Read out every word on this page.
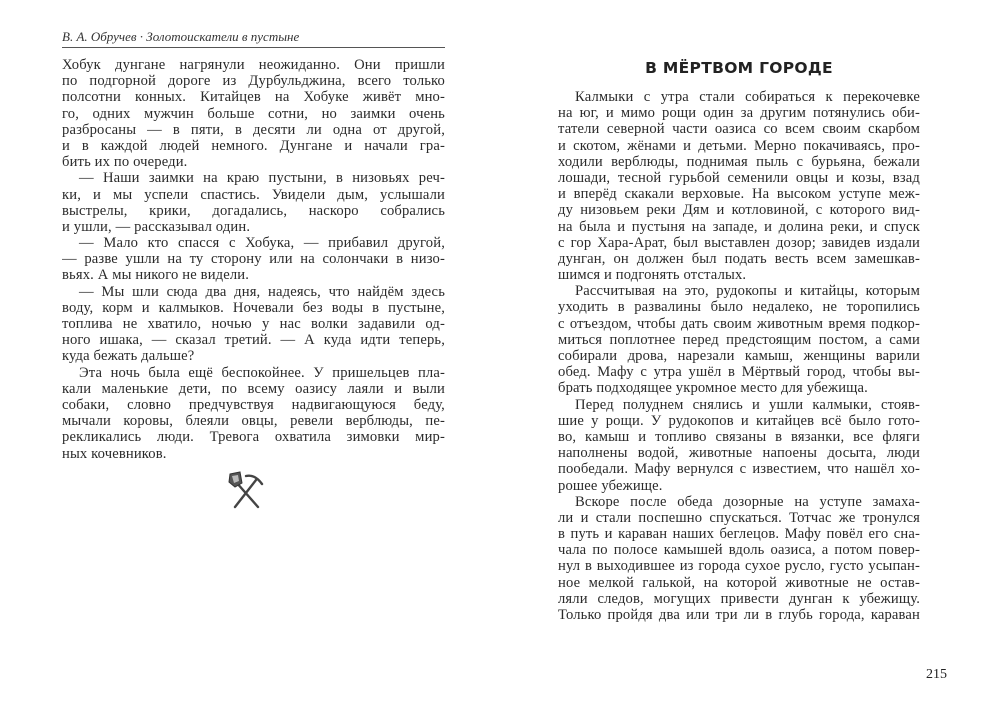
В. А. Обручев · Золотоискатели в пустыне
Хобук дунгане нагрянули неожиданно. Они пришли
по подгорной дороге из Дурбульджина, всего только
полсотни конных. Китайцев на Хобуке живёт мно-
го, одних мужчин больше сотни, но заимки очень
разбросаны — в пяти, в десяти ли одна от другой,
и в каждой людей немного. Дунгане и начали гра-
бить их по очереди.
— Наши заимки на краю пустыни, в низовьях реч-
ки, и мы успели спастись. Увидели дым, услышали
выстрелы, крики, догадались, наскоро собрались
и ушли, — рассказывал один.
— Мало кто спасся с Хобука, — прибавил другой,
— разве ушли на ту сторону или на солончаки в низо-
вьях. А мы никого не видели.
— Мы шли сюда два дня, надеясь, что найдём здесь
воду, корм и калмыков. Ночевали без воды в пустыне,
топлива не хватило, ночью у нас волки задавили од-
ного ишака, — сказал третий. — А куда идти теперь,
куда бежать дальше?
Эта ночь была ещё беспокойнее. У пришельцев пла-
кали маленькие дети, по всему оазису лаяли и выли
собаки, словно предчувствуя надвигающуюся беду,
мычали коровы, блеяли овцы, ревели верблюды, пе-
рекликались люди. Тревога охватила зимовки мир-
ных кочевников.
В МЁРТВОМ ГОРОДЕ
Калмыки с утра стали собираться к перекочевке
на юг, и мимо рощи один за другим потянулись оби-
татели северной части оазиса со всем своим скарбом
и скотом, жёнами и детьми. Мерно покачиваясь, про-
ходили верблюды, поднимая пыль с бурьяна, бежали
лошади, тесной гурьбой семенили овцы и козы, взад
и вперёд скакали верховые. На высоком уступе меж-
ду низовьем реки Дям и котловиной, с которого вид-
на была и пустыня на западе, и долина реки, и спуск
с гор Хара-Арат, был выставлен дозор; завидев издали
дунган, он должен был подать весть всем замешкав-
шимся и подгонять отсталых.
Рассчитывая на это, рудокопы и китайцы, которым
уходить в развалины было недалеко, не торопились
с отъездом, чтобы дать своим животным время подкор-
миться поплотнее перед предстоящим постом, а сами
собирали дрова, нарезали камыш, женщины варили
обед. Мафу с утра ушёл в Мёртвый город, чтобы вы-
брать подходящее укромное место для убежища.
Перед полуднем снялись и ушли калмыки, стояв-
шие у рощи. У рудокопов и китайцев всё было гото-
во, камыш и топливо связаны в вязанки, все фляги
наполнены водой, животные напоены досыта, люди
пообедали. Мафу вернулся с известием, что нашёл хо-
рошее убежище.
Вскоре после обеда дозорные на уступе замаха-
ли и стали поспешно спускаться. Тотчас же тронулся
в путь и караван наших беглецов. Мафу повёл его сна-
чала по полосе камышей вдоль оазиса, а потом повер-
нул в выходившее из города сухое русло, густо усыпан-
ное мелкой галькой, на которой животные не остав-
ляли следов, могущих привести дунган к убежищу.
Только пройдя два или три ли в глубь города, караван
215
